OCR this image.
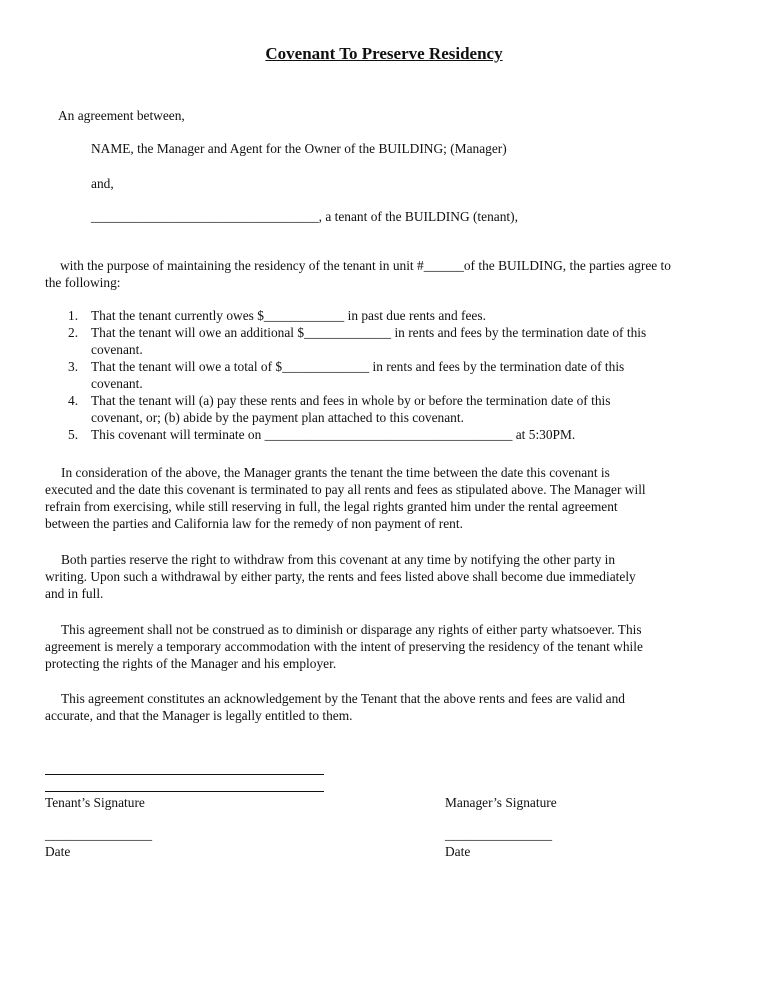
Covenant To Preserve Residency
An agreement between,
NAME, the Manager and Agent for the Owner of the BUILDING; (Manager)
and,
__________________________________, a tenant of the BUILDING (tenant),
with the purpose of maintaining the residency of the tenant in unit #______of the BUILDING, the parties agree to
the following:
1. That the tenant currently owes $____________ in past due rents and fees.
2. That the tenant will owe an additional $_____________ in rents and fees by the termination date of this
covenant.
3. That the tenant will owe a total of $_____________ in rents and fees by the termination date of this
covenant.
4. That the tenant will (a) pay these rents and fees in whole by or before the termination date of this
covenant, or; (b) abide by the payment plan attached to this covenant.
5. This covenant will terminate on _____________________________________ at 5:30PM.
In consideration of the above, the Manager grants the tenant the time between the date this covenant is
executed and the date this covenant is terminated to pay all rents and fees as stipulated above. The Manager will
refrain from exercising, while still reserving in full, the legal rights granted him under the rental agreement
between the parties and California law for the remedy of non payment of rent.
Both parties reserve the right to withdraw from this covenant at any time by notifying the other party in
writing. Upon such a withdrawal by either party, the rents and fees listed above shall become due immediately
and in full.
This agreement shall not be construed as to diminish or disparage any rights of either party whatsoever. This
agreement is merely a temporary accommodation with the intent of preserving the residency of the tenant while
protecting the rights of the Manager and his employer.
This agreement constitutes an acknowledgement by the Tenant that the above rents and fees are valid and
accurate, and that the Manager is legally entitled to them.
Tenant’s Signature	Manager’s Signature
________________	________________
Date	Date
